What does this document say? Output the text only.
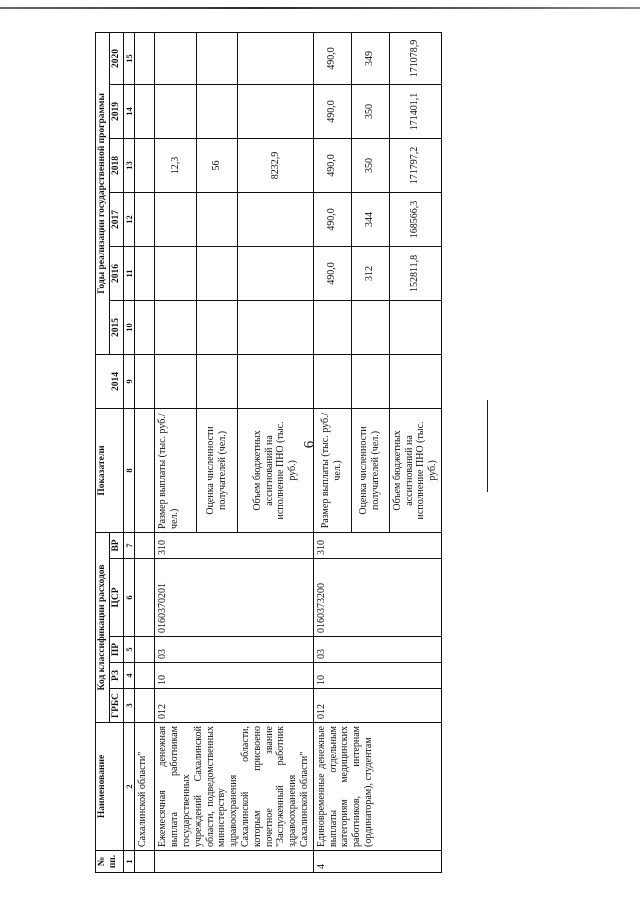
6
№ пп.	Наименование	Код классификации расходов					Показатели	2014	Годы реализации государственной программы					
		ГРБС	РЗ	ПР	ЦСР	ВР			2015	2016	2017	2018	2019	2020
1	2	3	4	5	6	7	8	9	10	11	12	13	14	15
	Сахалинской области"													
	Ежемесячная денежная выплата работникам государственных учреждений Сахалинской области, подведомственных министерству здравоохранения Сахалинской области, которым присвоено почетное звание "Заслуженный работник здравоохранения Сахалинской области"	012	10	03	0160370201	310	Размер выплаты (тыс. руб./чел.)					12,3		
							Оценка численности получателей (чел.)					56		
							Объем бюджетных ассигнований на исполнение ПНО (тыс. руб.)					8232,9		
4	Единовременные денежные выплаты отдельным категориям медицинских работников, интернам (ординаторам), студентам	012	10	03	0160373200	310	Размер выплаты (тыс. руб./чел.)			490,0	490,0	490,0	490,0	490,0
							Оценка численности получателей (чел.)			312	344	350	350	349
							Объем бюджетных ассигнований на исполнение ПНО (тыс. руб.)			152811,8	168566,3	171797,2	171401,1	171078,9
